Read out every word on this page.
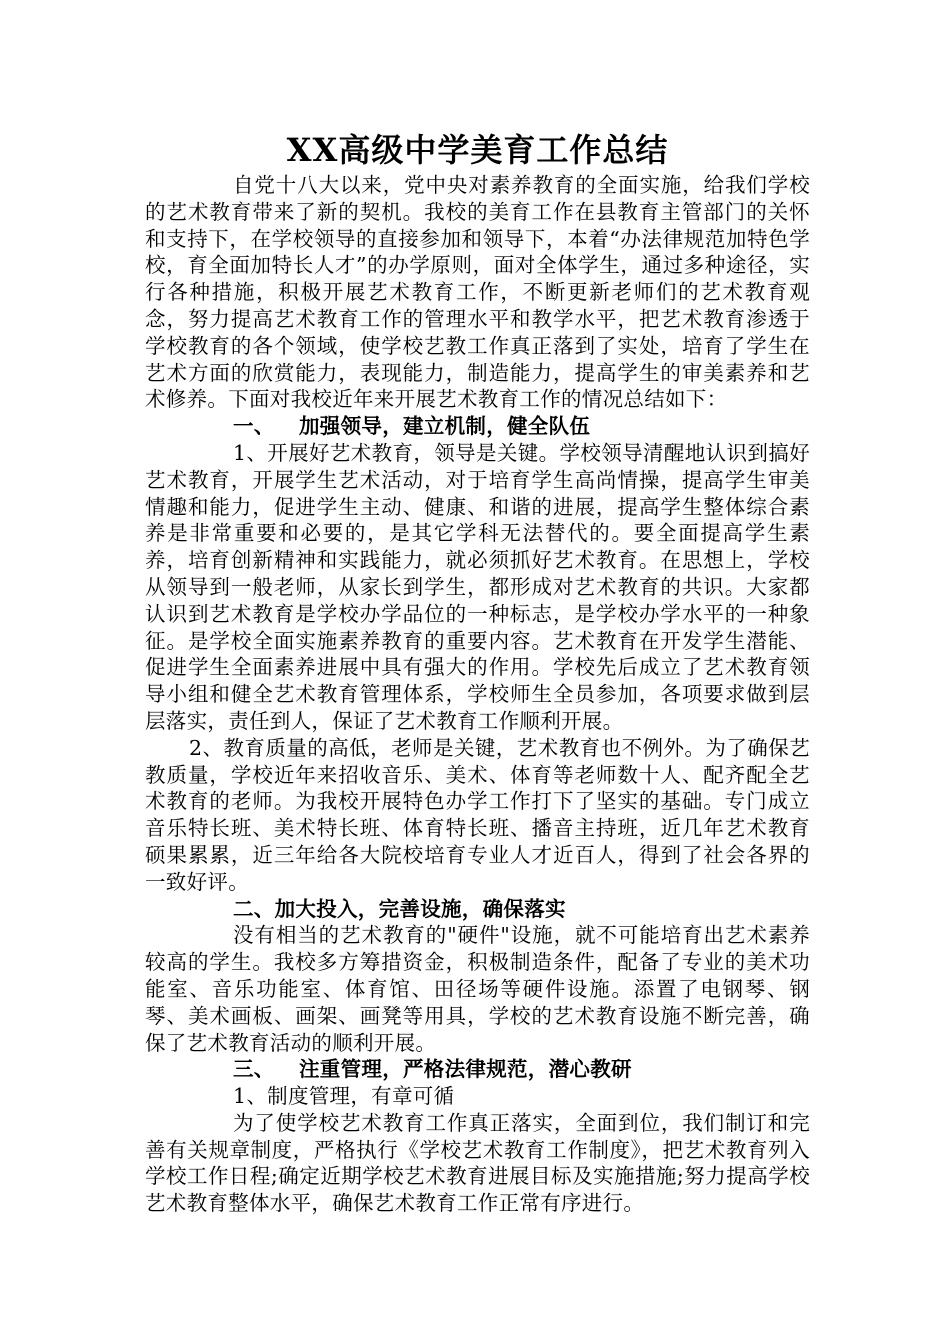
XX高级中学美育工作总结

自党十八大以来，党中央对素养教育的全面实施，给我们学校的艺术教育带来了新的契机。我校的美育工作在县教育主管部门的关怀和支持下，在学校领导的直接参加和领导下，本着“办法律规范加特色学校，育全面加特长人才”的办学原则，面对全体学生，通过多种途径，实行各种措施，积极开展艺术教育工作，不断更新老师们的艺术教育观念，努力提高艺术教育工作的管理水平和教学水平，把艺术教育渗透于学校教育的各个领域，使学校艺教工作真正落到了实处，培育了学生在艺术方面的欣赏能力，表现能力，制造能力，提高学生的审美素养和艺术修养。下面对我校近年来开展艺术教育工作的情况总结如下：

一、 加强领导，建立机制，健全队伍

1、开展好艺术教育，领导是关键。学校领导清醒地认识到搞好艺术教育，开展学生艺术活动，对于培育学生高尚情操，提高学生审美情趣和能力，促进学生主动、健康、和谐的进展，提高学生整体综合素养是非常重要和必要的，是其它学科无法替代的。要全面提高学生素养，培育创新精神和实践能力，就必须抓好艺术教育。在思想上，学校从领导到一般老师，从家长到学生，都形成对艺术教育的共识。大家都认识到艺术教育是学校办学品位的一种标志，是学校办学水平的一种象征。是学校全面实施素养教育的重要内容。艺术教育在开发学生潜能、促进学生全面素养进展中具有强大的作用。学校先后成立了艺术教育领导小组和健全艺术教育管理体系，学校师生全员参加，各项要求做到层层落实，责任到人，保证了艺术教育工作顺利开展。

2、教育质量的高低，老师是关键，艺术教育也不例外。为了确保艺教质量，学校近年来招收音乐、美术、体育等老师数十人、配齐配全艺术教育的老师。为我校开展特色办学工作打下了坚实的基础。专门成立音乐特长班、美术特长班、体育特长班、播音主持班，近几年艺术教育硕果累累，近三年给各大院校培育专业人才近百人，得到了社会各界的一致好评。

二、加大投入，完善设施，确保落实

没有相当的艺术教育的"硬件"设施，就不可能培育出艺术素养较高的学生。我校多方筹措资金，积极制造条件，配备了专业的美术功能室、音乐功能室、体育馆、田径场等硬件设施。添置了电钢琴、钢琴、美术画板、画架、画凳等用具，学校的艺术教育设施不断完善，确保了艺术教育活动的顺利开展。

三、 注重管理，严格法律规范，潜心教研

1、制度管理，有章可循

为了使学校艺术教育工作真正落实，全面到位，我们制订和完善有关规章制度，严格执行《学校艺术教育工作制度》，把艺术教育列入学校工作日程;确定近期学校艺术教育进展目标及实施措施;努力提高学校艺术教育整体水平，确保艺术教育工作正常有序进行。
